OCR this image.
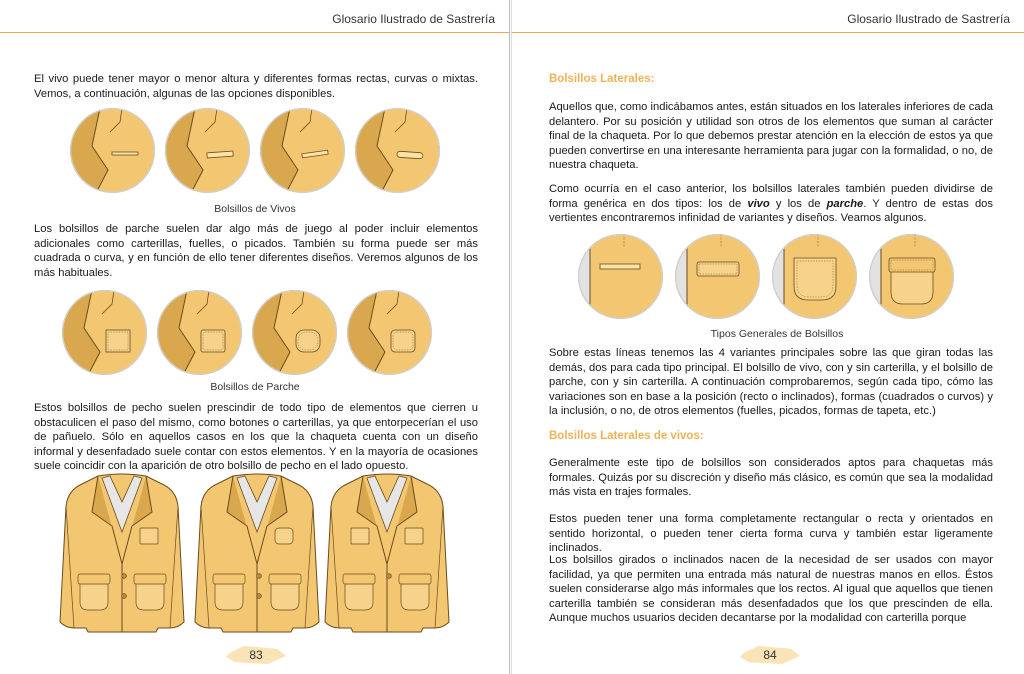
Glosario Ilustrado de Sastrería
El vivo puede tener mayor o menor altura y diferentes formas rectas, curvas o mixtas. Vemos, a continuación, algunas de las opciones disponibles.
Bolsillos de Vivos
Los bolsillos de parche suelen dar algo más de juego al poder incluir elementos adicionales como carterillas, fuelles, o picados. También su forma puede ser más cuadrada o curva, y en función de ello tener diferentes diseños. Veremos algunos de los más habituales.
Bolsillos de Parche
Estos bolsillos de pecho suelen prescindir de todo tipo de elementos que cierren u obstaculicen el paso del mismo, como botones o carterillas, ya que entorpecerían el uso de pañuelo. Sólo en aquellos casos en los que la chaqueta cuenta con un diseño informal y desenfadado suele contar con estos elementos. Y en la mayoría de ocasiones suele coincidir con la aparición de otro bolsillo de pecho en el lado opuesto.
83
Glosario Ilustrado de Sastrería
Bolsillos Laterales:
Aquellos que, como indicábamos antes, están situados en los laterales inferiores de cada delantero. Por su posición y utilidad son otros de los elementos que suman al carácter final de la chaqueta. Por lo que debemos prestar atención en la elección de estos ya que pueden convertirse en una interesante herramienta para jugar con la formalidad, o no, de nuestra chaqueta.
Como ocurría en el caso anterior, los bolsillos laterales también pueden dividirse de forma genérica en dos tipos: los de vivo y los de parche. Y dentro de estas dos vertientes encontraremos infinidad de variantes y diseños. Veamos algunos.
Tipos Generales de Bolsillos
Sobre estas líneas tenemos las 4 variantes principales sobre las que giran todas las demás, dos para cada tipo principal. El bolsillo de vivo, con y sin carterilla, y el bolsillo de parche, con y sin carterilla. A continuación comprobaremos, según cada tipo, cómo las variaciones son en base a la posición (recto o inclinados), formas (cuadrados o curvos) y la inclusión, o no, de otros elementos (fuelles, picados, formas de tapeta, etc.)
Bolsillos Laterales de vivos:
Generalmente este tipo de bolsillos son considerados aptos para chaquetas más formales. Quizás por su discreción y diseño más clásico, es común que sea la modalidad más vista en trajes formales.
Estos pueden tener una forma completamente rectangular o recta y orientados en sentido horizontal, o pueden tener cierta forma curva y también estar ligeramente inclinados.
Los bolsillos girados o inclinados nacen de la necesidad de ser usados con mayor facilidad, ya que permiten una entrada más natural de nuestras manos en ellos. Éstos suelen considerarse algo más informales que los rectos. Al igual que aquellos que tienen carterilla también se consideran más desenfadados que los que prescinden de ella. Aunque muchos usuarios deciden decantarse por la modalidad con carterilla porque
84
